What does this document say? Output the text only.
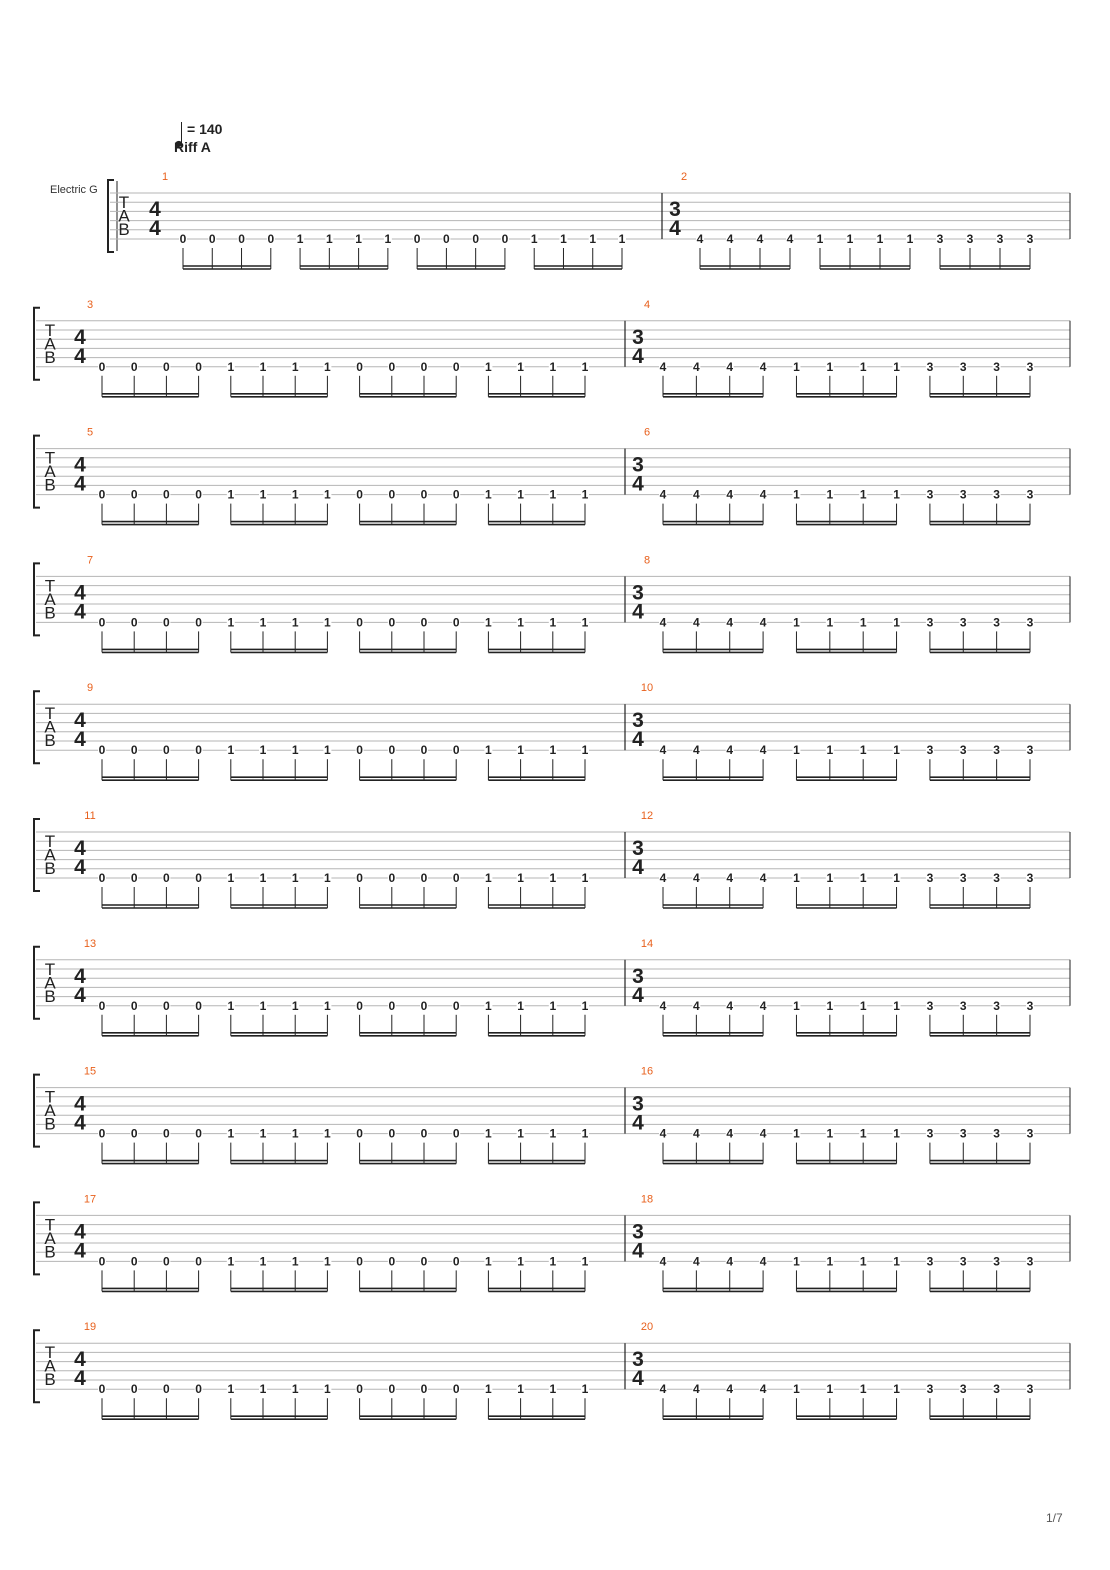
= 140
Riff A
Electric G
T
A
B
1
4
4 0 0 0 0 1 1 1 1 0 0 0 0 1 1 1 1
2
3
4 4 4 4 4 1 1 1 1 3 3 3 3
T
A
B
3
4
4 0 0 0 0 1 1 1 1 0 0 0 0 1 1 1 1
4
3
4 4 4 4 4 1 1 1 1 3 3 3 3
T
A
B
5
4
4 0 0 0 0 1 1 1 1 0 0 0 0 1 1 1 1
6
3
4 4 4 4 4 1 1 1 1 3 3 3 3
T
A
B
7
4
4 0 0 0 0 1 1 1 1 0 0 0 0 1 1 1 1
8
3
4 4 4 4 4 1 1 1 1 3 3 3 3
T
A
B
9
4
4 0 0 0 0 1 1 1 1 0 0 0 0 1 1 1 1
10
3
4 4 4 4 4 1 1 1 1 3 3 3 3
T
A
B
11
4
4 0 0 0 0 1 1 1 1 0 0 0 0 1 1 1 1
12
3
4 4 4 4 4 1 1 1 1 3 3 3 3
T
A
B
13
4
4 0 0 0 0 1 1 1 1 0 0 0 0 1 1 1 1
14
3
4 4 4 4 4 1 1 1 1 3 3 3 3
T
A
B
15
4
4 0 0 0 0 1 1 1 1 0 0 0 0 1 1 1 1
16
3
4 4 4 4 4 1 1 1 1 3 3 3 3
T
A
B
17
4
4 0 0 0 0 1 1 1 1 0 0 0 0 1 1 1 1
18
3
4 4 4 4 4 1 1 1 1 3 3 3 3
T
A
B
19
4
4 0 0 0 0 1 1 1 1 0 0 0 0 1 1 1 1
20
3
4 4 4 4 4 1 1 1 1 3 3 3 3
1/7
